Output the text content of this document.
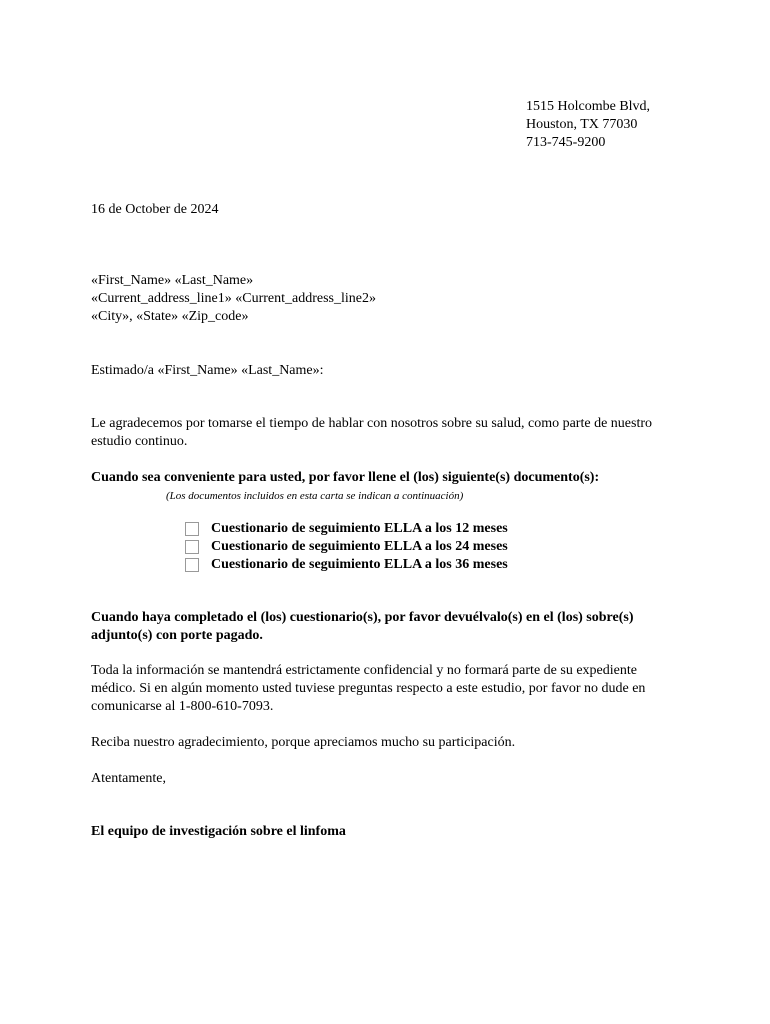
1515 Holcombe Blvd,
Houston, TX 77030
713-745-9200
16 de October de 2024
«First_Name» «Last_Name»
«Current_address_line1» «Current_address_line2»
«City», «State» «Zip_code»
Estimado/a «First_Name» «Last_Name»:
Le agradecemos por tomarse el tiempo de hablar con nosotros sobre su salud, como parte de nuestro estudio continuo.
Cuando sea conveniente para usted, por favor llene el (los) siguiente(s) documento(s):
(Los documentos incluidos en esta carta se indican a continuación)
Cuestionario de seguimiento ELLA a los 12 meses
Cuestionario de seguimiento ELLA a los 24 meses
Cuestionario de seguimiento ELLA a los 36 meses
Cuando haya completado el (los) cuestionario(s), por favor devuélvalo(s) en el (los) sobre(s) adjunto(s) con porte pagado.
Toda la información se mantendrá estrictamente confidencial y no formará parte de su expediente médico. Si en algún momento usted tuviese preguntas respecto a este estudio, por favor no dude en comunicarse al 1-800-610-7093.
Reciba nuestro agradecimiento, porque apreciamos mucho su participación.
Atentamente,
El equipo de investigación sobre el linfoma
